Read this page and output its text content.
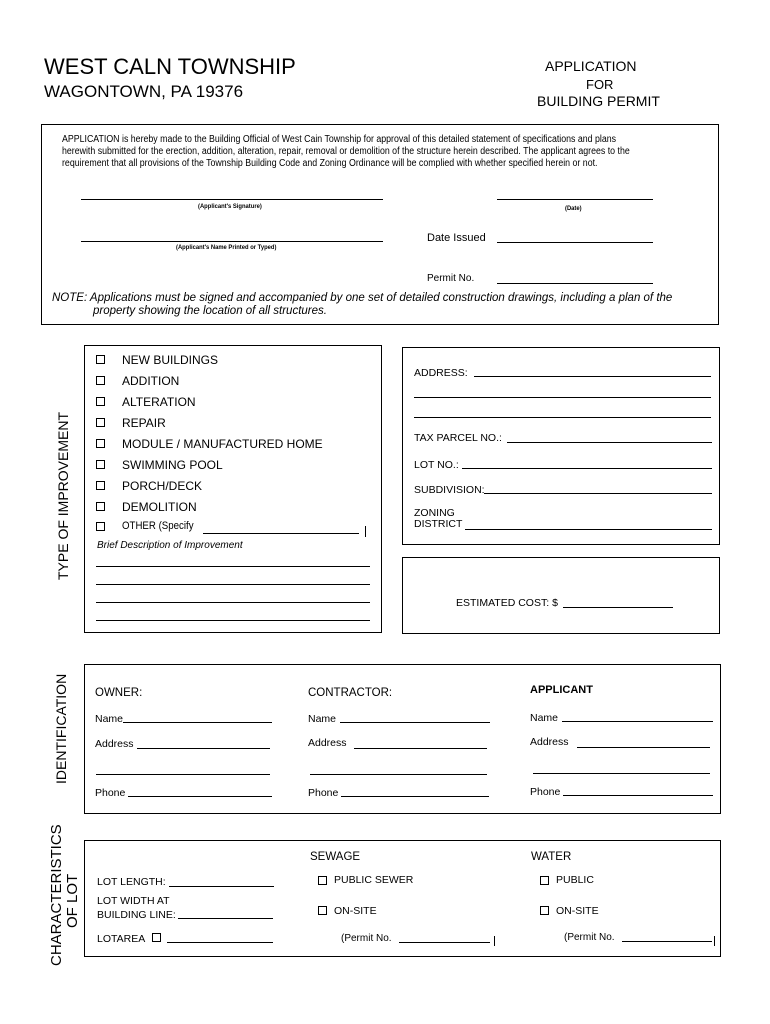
WEST CALN TOWNSHIP
WAGONTOWN, PA 19376
APPLICATION
FOR
BUILDING PERMIT
APPLICATION is hereby made to the Building Official of West Cain Township for approval of this detailed statement of specifications and plans
herewith submitted for the erection, addition, alteration, repair, removal or demolition of the structure herein described. The applicant agrees to the
requirement that all provisions of the Township Building Code and Zoning Ordinance will be complied with whether specified herein or not.
(Applicant's Signature)	(Date)
(Applicant's Name Printed or Typed)
Date Issued
Permit No.
NOTE: Applications must be signed and accompanied by one set of detailed construction drawings, including a plan of the
property showing the location of all structures.
TYPE OF IMPROVEMENT
NEW BUILDINGS
ADDITION
ALTERATION
REPAIR
MODULE / MANUFACTURED HOME
SWIMMING POOL
PORCH/DECK
DEMOLITION
OTHER (Specify
Brief Description of Improvement
ADDRESS:
TAX PARCEL NO.:
LOT NO.:
SUBDIVISION:
ZONING
DISTRICT
ESTIMATED COST: $
IDENTIFICATION OWNER:
Name
Address
Phone
CONTRACTOR:
Name
Address
Phone
APPLICANT
Name
Address
Phone
CHARACTERISTICS OF LOT LOT LENGTH:
LOT WIDTH AT
BUILDING LINE:
LOTAREA
SEWAGE
PUBLIC SEWER
ON-SITE
(Permit No.
WATER
PUBLIC
ON-SITE
(Permit No.
